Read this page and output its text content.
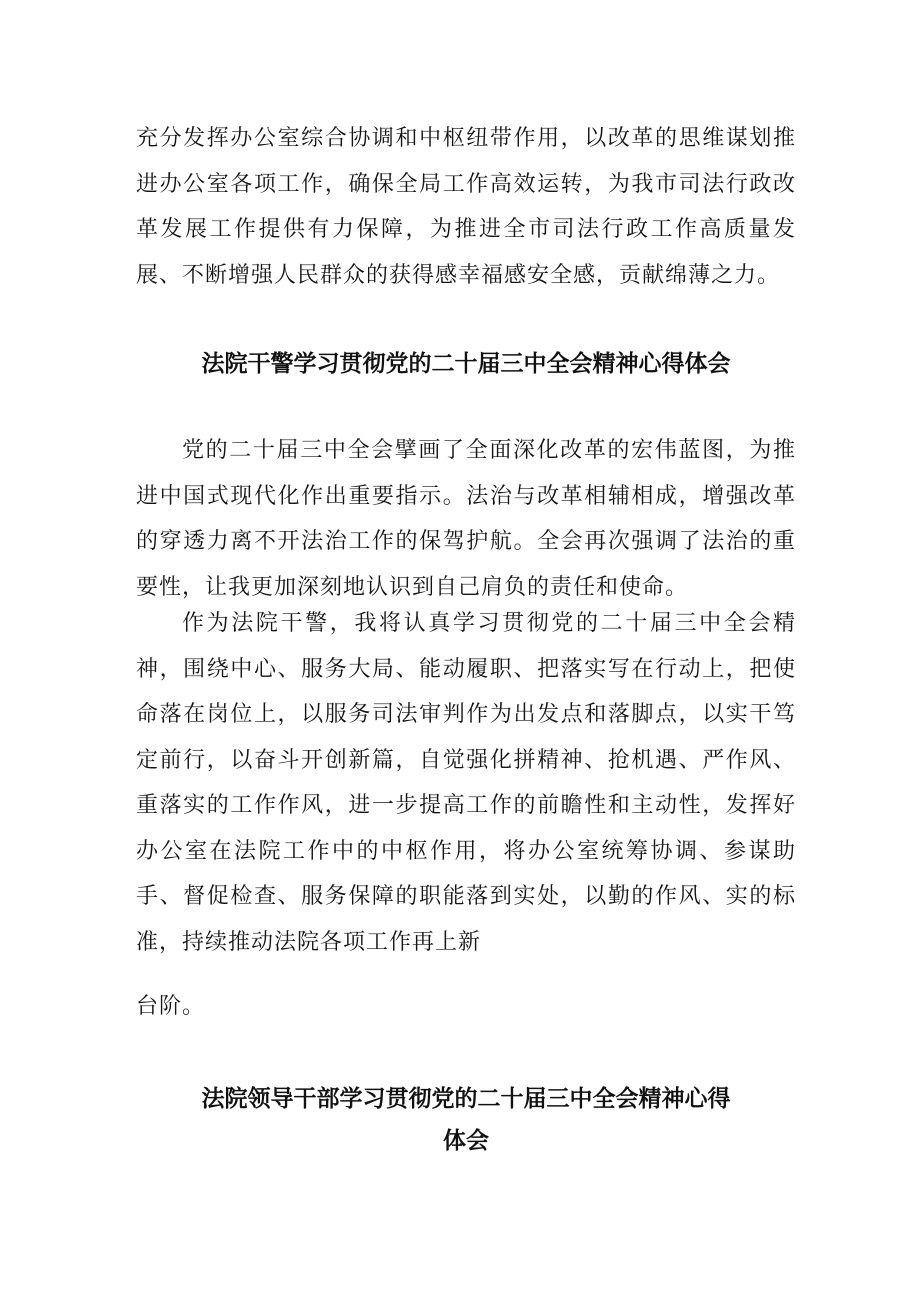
充分发挥办公室综合协调和中枢纽带作用，以改革的思维谋划推进办公室各项工作，确保全局工作高效运转，为我市司法行政改革发展工作提供有力保障，为推进全市司法行政工作高质量发展、不断增强人民群众的获得感幸福感安全感，贡献绵薄之力。

法院干警学习贯彻党的二十届三中全会精神心得体会

党的二十届三中全会擘画了全面深化改革的宏伟蓝图，为推进中国式现代化作出重要指示。法治与改革相辅相成，增强改革的穿透力离不开法治工作的保驾护航。全会再次强调了法治的重要性，让我更加深刻地认识到自己肩负的责任和使命。

作为法院干警，我将认真学习贯彻党的二十届三中全会精神，围绕中心、服务大局、能动履职、把落实写在行动上，把使命落在岗位上，以服务司法审判作为出发点和落脚点，以实干笃定前行，以奋斗开创新篇，自觉强化拼精神、抢机遇、严作风、重落实的工作作风，进一步提高工作的前瞻性和主动性，发挥好办公室在法院工作中的中枢作用，将办公室统筹协调、参谋助手、督促检查、服务保障的职能落到实处，以勤的作风、实的标准，持续推动法院各项工作再上新

台阶。

法院领导干部学习贯彻党的二十届三中全会精神心得
体会
